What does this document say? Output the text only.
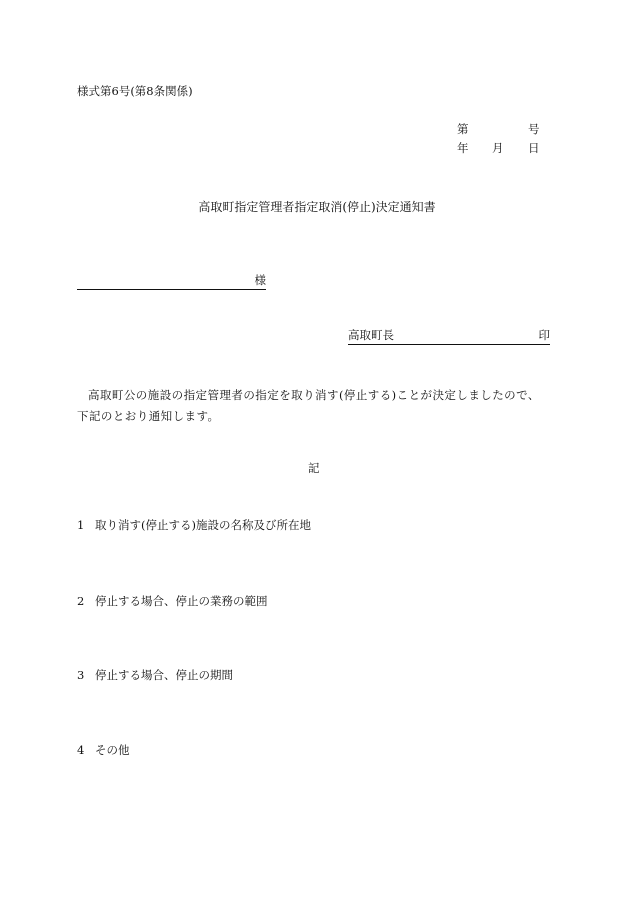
様式第6号(第8条関係)
第	号
年 月 日
高取町指定管理者指定取消(停止)決定通知書
様
高取町長	印
高取町公の施設の指定管理者の指定を取り消す(停止する)ことが決定しましたので、下記のとおり通知します。
記
1 取り消す(停止する)施設の名称及び所在地
2 停止する場合、停止の業務の範囲
3 停止する場合、停止の期間
4 その他
